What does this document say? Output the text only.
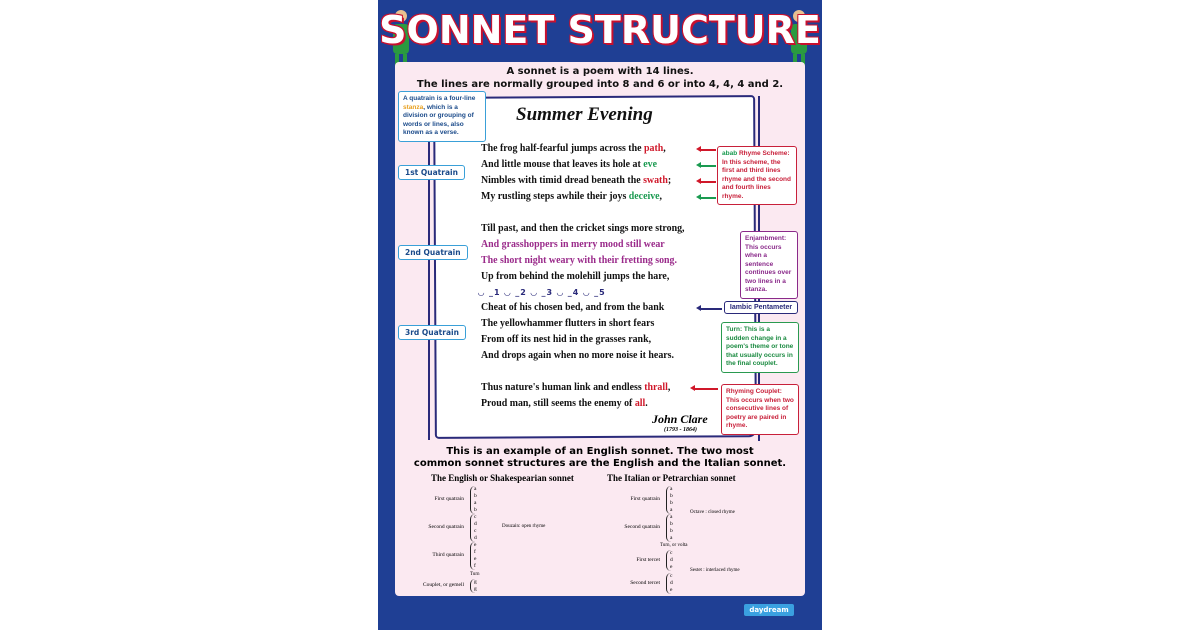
SONNET STRUCTURE
A sonnet is a poem with 14 lines.
The lines are normally grouped into 8 and 6 or into 4, 4, 4 and 2.
Summer Evening
The frog half-fearful jumps across the path,
And little mouse that leaves its hole at eve
Nimbles with timid dread beneath the swath;
My rustling steps awhile their joys deceive,
Till past, and then the cricket sings more strong,
And grasshoppers in merry mood still wear
The short night weary with their fretting song.
Up from behind the molehill jumps the hare,
Cheat of his chosen bed, and from the bank
The yellowhammer flutters in short fears
From off its nest hid in the grasses rank,
And drops again when no more noise it hears.
Thus nature's human link and endless thrall,
Proud man, still seems the enemy of all.
◡ _1 ◡ _2 ◡ _3 ◡ _4 ◡ _5
John Clare
(1793 - 1864)
1st Quatrain
2nd Quatrain
3rd Quatrain
A quatrain is a four-line stanza, which is a division or grouping of words or lines, also known as a verse.
abab Rhyme Scheme: In this scheme, the first and third lines rhyme and the second and fourth lines rhyme.
Enjambment: This occurs when a sentence continues over two lines in a stanza.
Iambic Pentameter
Turn: This is a sudden change in a poem's theme or tone that usually occurs in the final couplet.
Rhyming Couplet: This occurs when two consecutive lines of poetry are paired in rhyme.
This is an example of an English sonnet. The two most
common sonnet structures are the English and the Italian sonnet.
The English or Shakespearian sonnet	The Italian or Petrarchian sonnet
First quatrain
a
b
a
b
Second quatrain
c
d
c
d
Third quatrain
e
f
e
f
Couplet, or gemell	g
g
First quatrain
a
b
b
a
Second quatrain
a
b
b
a
First tercet
c
d
e
Second tercet
c
d
e
Turn
Douzain: open rhyme
Turn, or volta
Octave : closed rhyme
Sestet : interlaced rhyme
daydream
